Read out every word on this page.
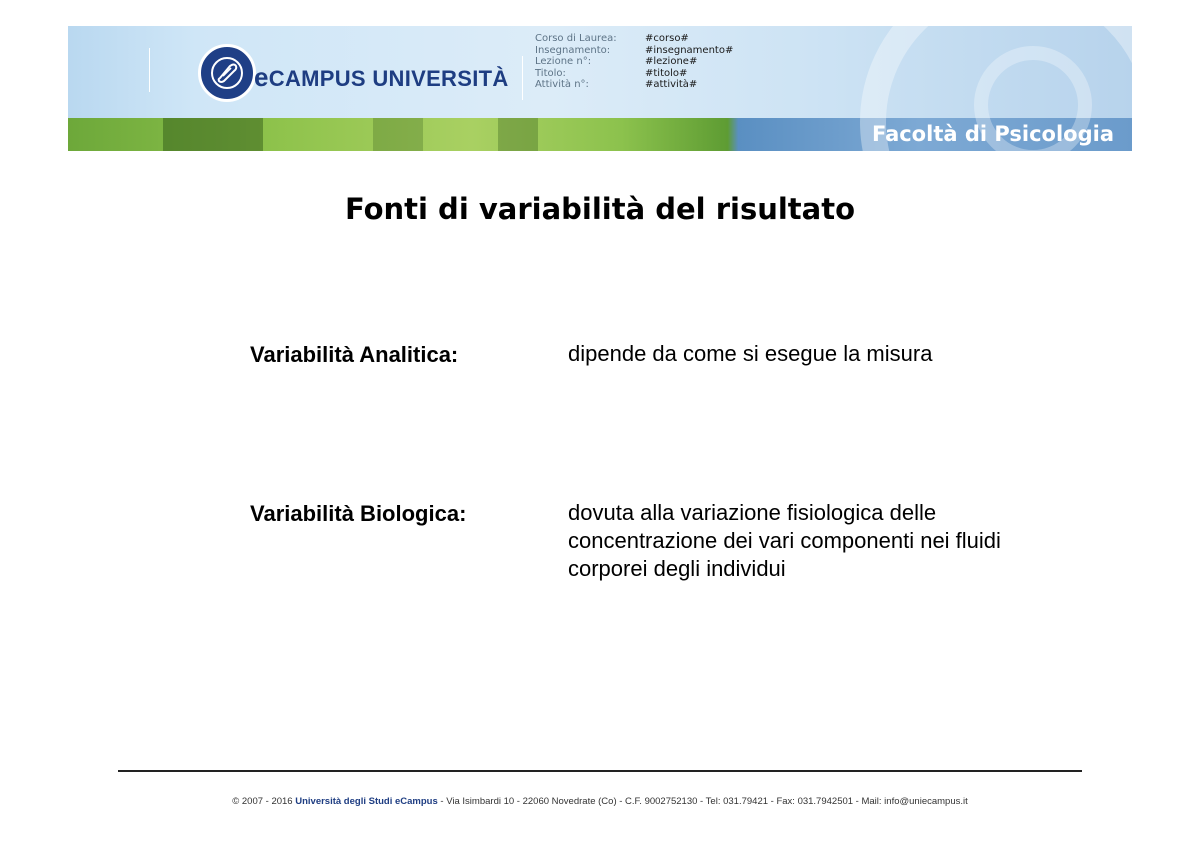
eCAMPUS UNIVERSITÀ
Corso di Laurea:	#corso#
Insegnamento:	#insegnamento#
Lezione n°:	#lezione#
Titolo:	#titolo#
Attività n°:	#attività#
Facoltà di Psicologia
Fonti di variabilità del risultato
Variabilità Analitica:	dipende da come si esegue la misura
Variabilità Biologica:	dovuta alla variazione fisiologica delle concentrazione dei vari componenti nei fluidi corporei degli individui
© 2007 - 2016 Università degli Studi eCampus - Via Isimbardi 10 - 22060 Novedrate (Co) - C.F. 9002752130 - Tel: 031.79421 - Fax: 031.7942501 - Mail: info@uniecampus.it
